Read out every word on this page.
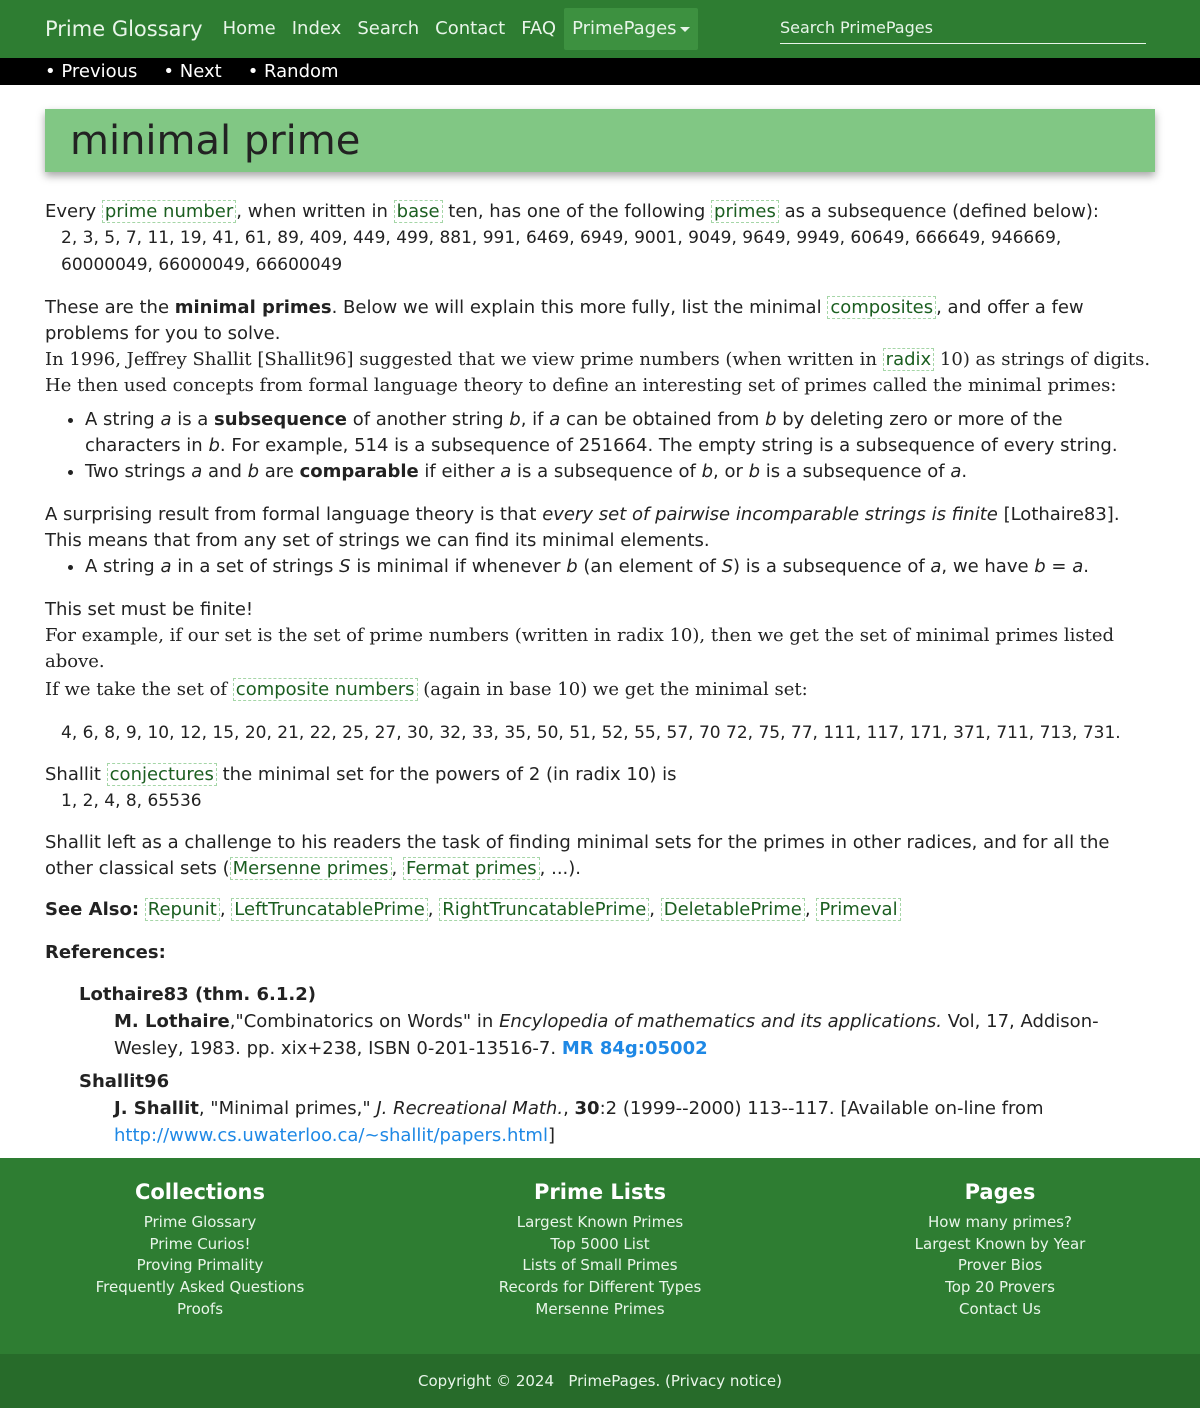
Prime Glossary	Home Index Search Contact FAQ PrimePages
Search PrimePages
• Previous • Next • Random
minimal prime

Every prime number , when written in base ten, has one of the following primes as a subsequence (defined below):

2, 3, 5, 7, 11, 19, 41, 61, 89, 409, 449, 499, 881, 991, 6469, 6949, 9001, 9049, 9649, 9949, 60649, 666649, 946669, 60000049, 66000049, 66600049

These are the minimal primes. Below we will explain this more fully, list the minimal composites , and offer a few problems for you to solve.

In 1996, Jeffrey Shallit [Shallit96] suggested that we view prime numbers (when written in radix 10) as strings of digits. He then used concepts from formal language theory to define an interesting set of primes called the minimal primes:

• A string a is a subsequence of another string b, if a can be obtained from b by deleting zero or more of the characters in b. For example, 514 is a subsequence of 251664. The empty string is a subsequence of every string.
• Two strings a and b are comparable if either a is a subsequence of b, or b is a subsequence of a.

A surprising result from formal language theory is that every set of pairwise incomparable strings is finite [Lothaire83]. This means that from any set of strings we can find its minimal elements.

• A string a in a set of strings S is minimal if whenever b (an element of S) is a subsequence of a, we have b = a.

This set must be finite!

For example, if our set is the set of prime numbers (written in radix 10), then we get the set of minimal primes listed above.

If we take the set of composite numbers (again in base 10) we get the minimal set:

4, 6, 8, 9, 10, 12, 15, 20, 21, 22, 25, 27, 30, 32, 33, 35, 50, 51, 52, 55, 57, 70 72, 75, 77, 111, 117, 171, 371, 711, 713, 731.

Shallit conjectures the minimal set for the powers of 2 (in radix 10) is

1, 2, 4, 8, 65536

Shallit left as a challenge to his readers the task of finding minimal sets for the primes in other radices, and for all the other classical sets ( Mersenne primes , Fermat primes , ...).

See Also: Repunit , LeftTruncatablePrime , RightTruncatablePrime , DeletablePrime , Primeval

References:

Lothaire83 (thm. 6.1.2)
M. Lothaire,"Combinatorics on Words" in Encylopedia of mathematics and its applications. Vol, 17, Addison-Wesley, 1983. pp. xix+238, ISBN 0-201-13516-7. MR 84g:05002
Shallit96
J. Shallit, "Minimal primes," J. Recreational Math., 30:2 (1999--2000) 113--117. [Available on-line from http://www.cs.uwaterloo.ca/~shallit/papers.html]
Collections
Prime Glossary
Prime Curios!
Proving Primality
Frequently Asked Questions
Proofs
Prime Lists
Largest Known Primes
Top 5000 List
Lists of Small Primes
Records for Different Types
Mersenne Primes
Pages
How many primes?
Largest Known by Year
Prover Bios
Top 20 Provers
Contact Us
Copyright © 2024 PrimePages. (Privacy notice)
